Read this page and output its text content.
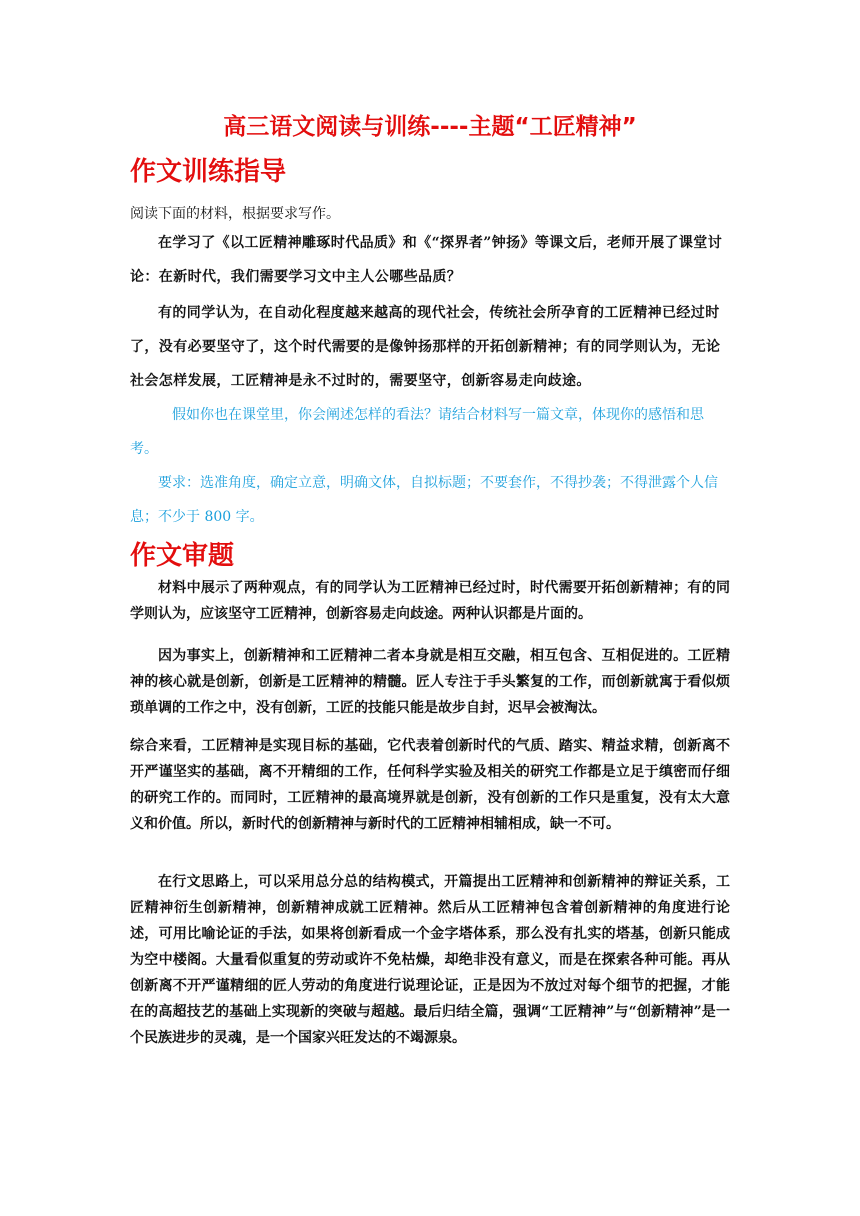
高三语文阅读与训练----主题“工匠精神”
作文训练指导

阅读下面的材料，根据要求写作。

在学习了《以工匠精神雕琢时代品质》和《“探界者”钟扬》等课文后，老师开展了课堂讨论：在新时代，我们需要学习文中主人公哪些品质？

有的同学认为，在自动化程度越来越高的现代社会，传统社会所孕育的工匠精神已经过时了，没有必要坚守了，这个时代需要的是像钟扬那样的开拓创新精神；有的同学则认为，无论社会怎样发展，工匠精神是永不过时的，需要坚守，创新容易走向歧途。

假如你也在课堂里，你会阐述怎样的看法？请结合材料写一篇文章，体现你的感悟和思考。

要求：选准角度，确定立意，明确文体，自拟标题；不要套作，不得抄袭；不得泄露个人信息；不少于 800 字。

作文审题

材料中展示了两种观点，有的同学认为工匠精神已经过时，时代需要开拓创新精神；有的同学则认为，应该坚守工匠精神，创新容易走向歧途。两种认识都是片面的。

因为事实上，创新精神和工匠精神二者本身就是相互交融，相互包含、互相促进的。工匠精神的核心就是创新，创新是工匠精神的精髓。匠人专注于手头繁复的工作，而创新就寓于看似烦琐单调的工作之中，没有创新，工匠的技能只能是故步自封，迟早会被淘汰。

综合来看，工匠精神是实现目标的基础，它代表着创新时代的气质、踏实、精益求精，创新离不开严谨坚实的基础，离不开精细的工作，任何科学实验及相关的研究工作都是立足于缜密而仔细的研究工作的。而同时，工匠精神的最高境界就是创新，没有创新的工作只是重复，没有太大意义和价值。所以，新时代的创新精神与新时代的工匠精神相辅相成，缺一不可。

在行文思路上，可以采用总分总的结构模式，开篇提出工匠精神和创新精神的辩证关系，工匠精神衍生创新精神，创新精神成就工匠精神。然后从工匠精神包含着创新精神的角度进行论述，可用比喻论证的手法，如果将创新看成一个金字塔体系，那么没有扎实的塔基，创新只能成为空中楼阁。大量看似重复的劳动或许不免枯燥，却绝非没有意义，而是在探索各种可能。再从创新离不开严谨精细的匠人劳动的角度进行说理论证，正是因为不放过对每个细节的把握，才能在的高超技艺的基础上实现新的突破与超越。最后归结全篇，强调“工匠精神”与“创新精神”是一个民族进步的灵魂，是一个国家兴旺发达的不竭源泉。
